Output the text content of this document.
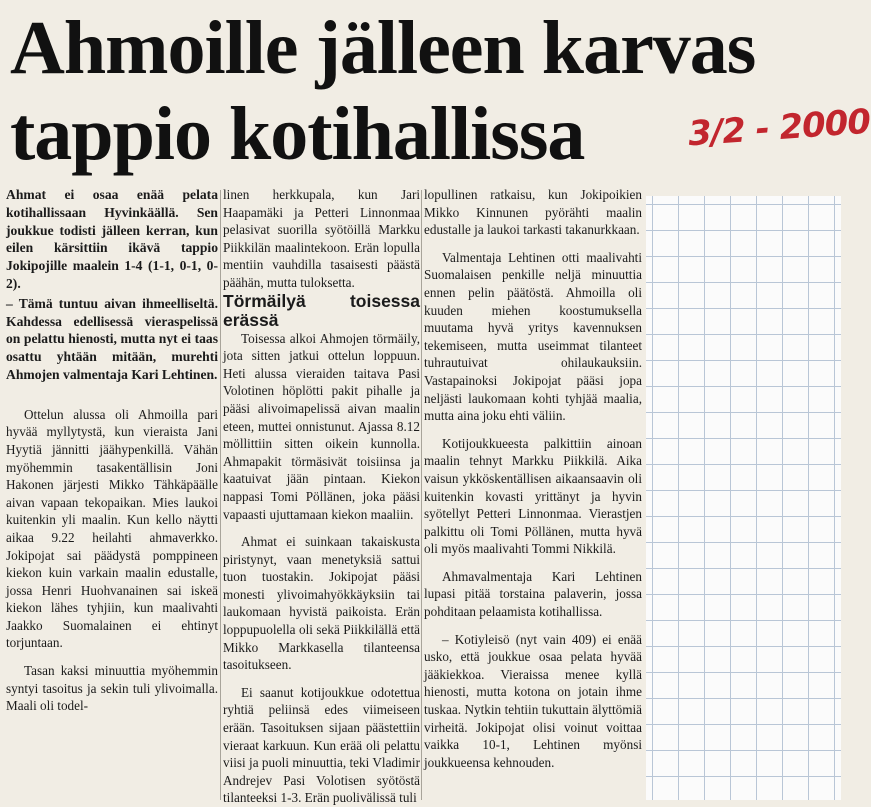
Ahmoille jälleen karvas
tappio kotihallissa	3/2 - 2000

Ahmat ei osaa enää pelata kotihallissaan Hyvinkäällä. Sen joukkue todisti jälleen kerran, kun eilen kärsittiin ikävä tappio Jokipojille maalein 1-4 (1-1, 0-1, 0-2).

– Tämä tuntuu aivan ihmeelliseltä. Kahdessa edellisessä vieraspelissä on pelattu hienosti, mutta nyt ei taas osattu yhtään mitään, murehti Ahmojen valmentaja Kari Lehtinen.

Ottelun alussa oli Ahmoilla pari hyvää myllytystä, kun vieraista Jani Hyytiä jännitti jäähypenkillä. Vähän myöhemmin tasakentällisin Joni Hakonen järjesti Mikko Tähkäpäälle aivan vapaan tekopaikan. Mies laukoi kuitenkin yli maalin. Kun kello näytti aikaa 9.22 heilahti ahmaverkko. Jokipojat sai päädystä pomppineen kiekon kuin varkain maalin edustalle, jossa Henri Huohvanainen sai iskeä kiekon lähes tyhjiin, kun maalivahti Jaakko Suomalainen ei ehtinyt torjuntaan.

Tasan kaksi minuuttia myöhemmin syntyi tasoitus ja sekin tuli ylivoimalla. Maali oli todel-

linen herkkupala, kun Jari Haapamäki ja Petteri Linnonmaa pelasivat suorilla syötöillä Markku Piikkilän maalintekoon. Erän lopulla mentiin vauhdilla tasaisesti päästä päähän, mutta tuloksetta.

Törmäilyä toisessa erässä

Toisessa alkoi Ahmojen törmäily, jota sitten jatkui ottelun loppuun. Heti alussa vieraiden taitava Pasi Volotinen höplötti pakit pihalle ja pääsi alivoimapelissä aivan maalin eteen, muttei onnistunut. Ajassa 8.12 möllittiin sitten oikein kunnolla. Ahmapakit törmäsivät toisiinsa ja kaatuivat jään pintaan. Kiekon nappasi Tomi Pöllänen, joka pääsi vapaasti ujuttamaan kiekon maaliin.

Ahmat ei suinkaan takaiskusta piristynyt, vaan menetyksiä sattui tuon tuostakin. Jokipojat pääsi monesti ylivoimahyökkäyksiin tai laukomaan hyvistä paikoista. Erän loppupuolella oli sekä Piikkilällä että Mikko Markkasella tilanteensa tasoitukseen.

Ei saanut kotijoukkue odotettua ryhtiä peliinsä edes viimeiseen erään. Tasoituksen sijaan päästettiin vieraat karkuun. Kun erää oli pelattu viisi ja puoli minuuttia, teki Vladimir Andrejev Pasi Volotisen syötöstä tilanteeksi 1-3. Erän puolivälissä tuli

lopullinen ratkaisu, kun Jokipoikien Mikko Kinnunen pyörähti maalin edustalle ja laukoi tarkasti takanurkkaan.

Valmentaja Lehtinen otti maalivahti Suomalaisen penkille neljä minuuttia ennen pelin päätöstä. Ahmoilla oli kuuden miehen koostumuksella muutama hyvä yritys kavennuksen tekemiseen, mutta useimmat tilanteet tuhrautuivat ohilaukauksiin. Vastapainoksi Jokipojat pääsi jopa neljästi laukomaan kohti tyhjää maalia, mutta aina joku ehti väliin.

Kotijoukkueesta palkittiin ainoan maalin tehnyt Markku Piikkilä. Aika vaisun ykköskentällisen aikaansaavin oli kuitenkin kovasti yrittänyt ja hyvin syötellyt Petteri Linnonmaa. Vierastjen palkittu oli Tomi Pöllänen, mutta hyvä oli myös maalivahti Tommi Nikkilä.

Ahmavalmentaja Kari Lehtinen lupasi pitää torstaina palaverin, jossa pohditaan pelaamista kotihallissa.

– Kotiyleisö (nyt vain 409) ei enää usko, että joukkue osaa pelata hyvää jääkiekkoa. Vieraissa menee kyllä hienosti, mutta kotona on jotain ihme tuskaa. Nytkin tehtiin tukuttain älyttömiä virheitä. Jokipojat olisi voinut voittaa vaikka 10-1, Lehtinen myönsi joukkueensa kehnouden.
